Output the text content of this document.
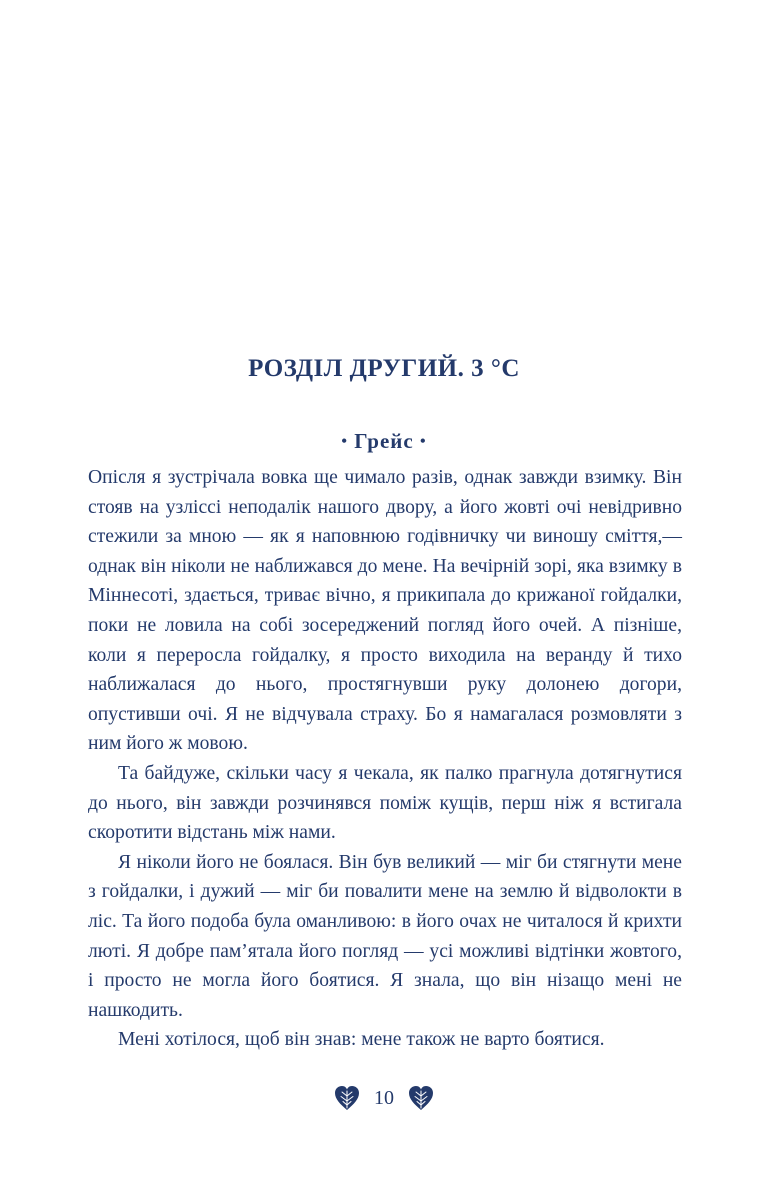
РОЗДІЛ ДРУГИЙ. 3 °С
• Грейс •

Опісля я зустрічала вовка ще чимало разів, однак завжди взимку. Він стояв на узліссі неподалік нашого двору, а його жовті очі невідривно стежили за мною — як я наповнюю годівничку чи виношу сміття,— однак він ніколи не наближався до мене. На вечірній зорі, яка взимку в Міннесоті, здається, триває вічно, я прикипала до крижаної гойдалки, поки не ловила на собі зосереджений погляд його очей. А пізніше, коли я переросла гойдалку, я просто виходила на веранду й тихо наближалася до нього, простягнувши руку долонею догори, опустивши очі. Я не відчувала страху. Бо я намагалася розмовляти з ним його ж мовою.

Та байдуже, скільки часу я чекала, як палко прагнула дотягнутися до нього, він завжди розчинявся поміж кущів, перш ніж я встигала скоротити відстань між нами.

Я ніколи його не боялася. Він був великий — міг би стягнути мене з гойдалки, і дужий — міг би повалити мене на землю й відволокти в ліс. Та його подоба була оманливою: в його очах не читалося й крихти люті. Я добре пам’ятала його погляд — усі можливі відтінки жовтого, і просто не могла його боятися. Я знала, що він нізащо мені не нашкодить.

Мені хотілося, щоб він знав: мене також не варто боятися.

10
